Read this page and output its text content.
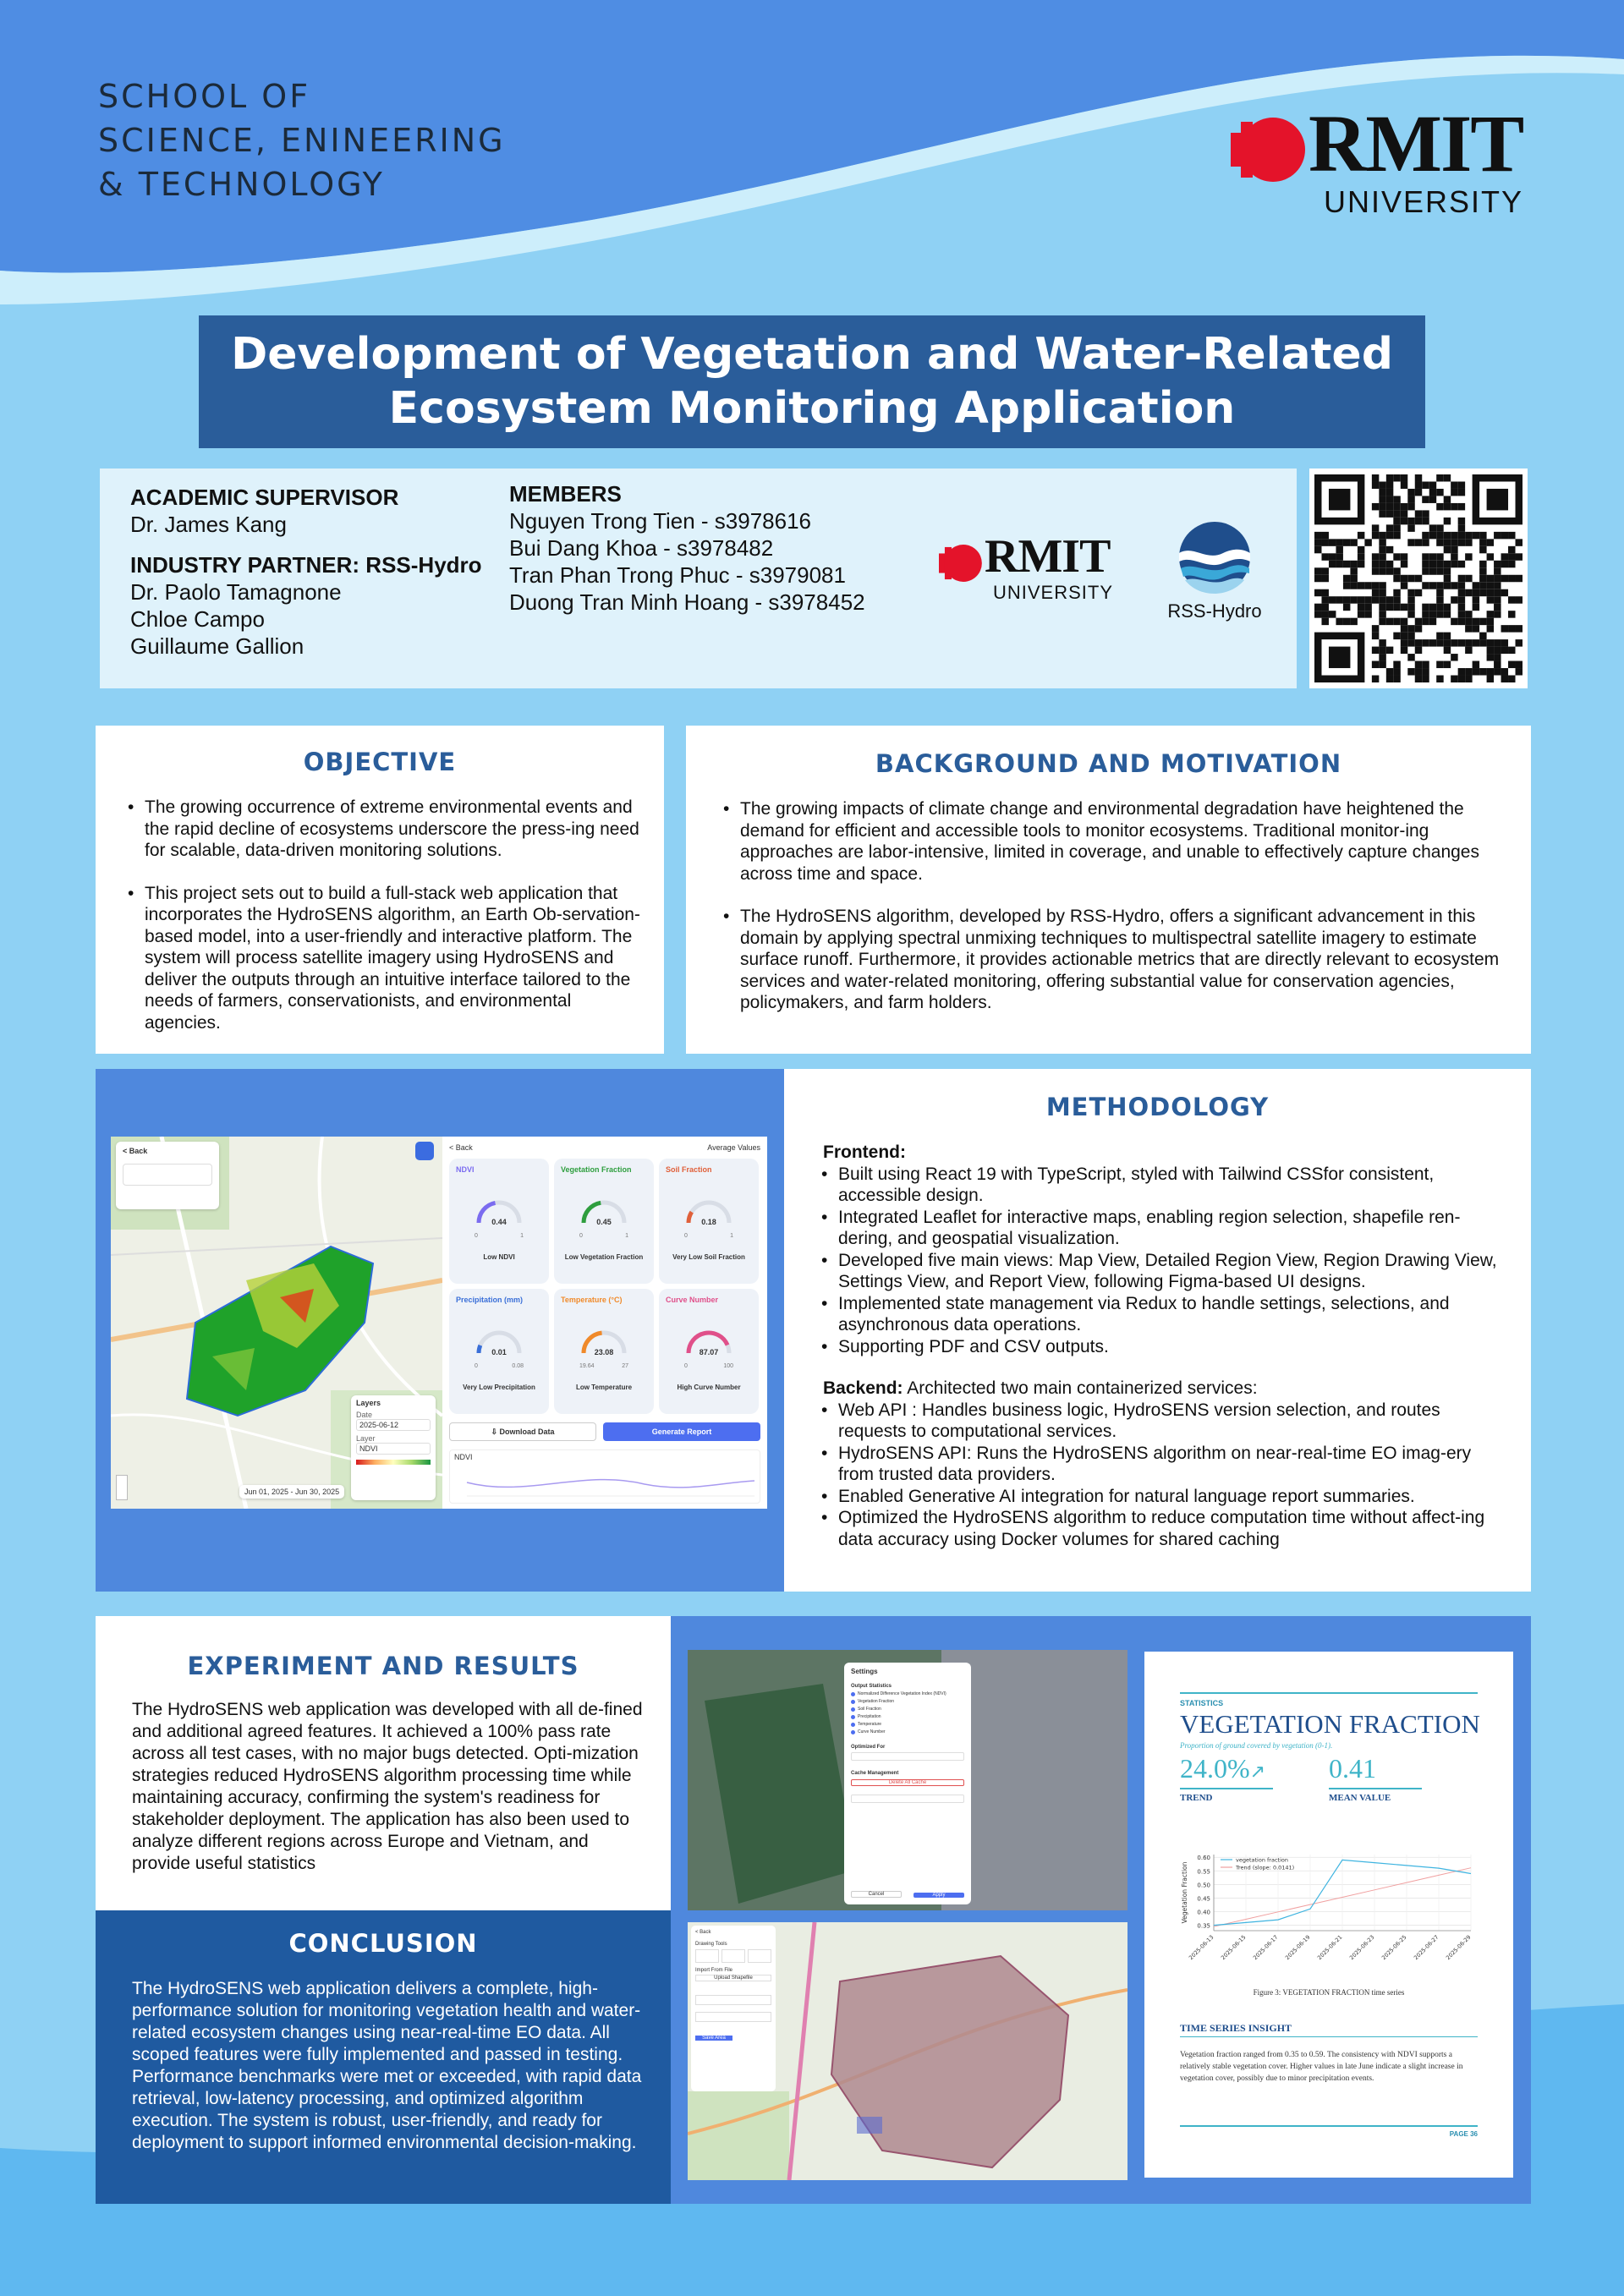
SCHOOL OF
SCIENCE, ENINEERING
& TECHNOLOGY	RMIT
UNIVERSITY
Development of Vegetation and Water-Related
Ecosystem Monitoring Application
ACADEMIC SUPERVISOR
Dr. James Kang
INDUSTRY PARTNER: RSS-Hydro
Dr. Paolo Tamagnone
Chloe Campo
Guillaume Gallion
MEMBERS
Nguyen Trong Tien - s3978616
Bui Dang Khoa - s3978482
Tran Phan Trong Phuc - s3979081
Duong Tran Minh Hoang - s3978452
RMIT
UNIVERSITY
RSS-Hydro
OBJECTIVE
• The growing occurrence of extreme environmental events and the rapid decline of ecosystems underscore the press-ing need for scalable, data-driven monitoring solutions.
• This project sets out to build a full-stack web application that incorporates the HydroSENS algorithm, an Earth Ob-servation-based model, into a user-friendly and interactive platform. The system will process satellite imagery using HydroSENS and deliver the outputs through an intuitive interface tailored to the needs of farmers, conservationists, and environmental agencies.
BACKGROUND AND MOTIVATION
• The growing impacts of climate change and environmental degradation have heightened the demand for efficient and accessible tools to monitor ecosystems. Traditional monitor-ing approaches are labor-intensive, limited in coverage, and unable to effectively capture changes across time and space.
• The HydroSENS algorithm, developed by RSS-Hydro, offers a significant advancement in this domain by applying spectral unmixing techniques to multispectral satellite imagery to estimate surface runoff. Furthermore, it provides actionable metrics that are directly relevant to ecosystem services and water-related monitoring, offering substantial value for conservation agencies, policymakers, and farm holders.
< Back
Layers
Date
2025-06-12
Layer
NDVI
Jun 01, 2025 - Jun 30, 2025
< Back	Average Values
NDVI
0.44
0	1
Low NDVI
Vegetation Fraction
0.45
0	1
Low Vegetation Fraction
Soil Fraction
0.18
0	1
Very Low Soil Fraction
Precipitation (mm)
0.01
0	0.08
Very Low Precipitation
Temperature (°C)
23.08
19.64	27
Low Temperature
Curve Number
87.07
0	100
High Curve Number
⇩ Download Data	Generate Report
NDVI
METHODOLOGY
Frontend:
• Built using React 19 with TypeScript, styled with Tailwind CSSfor consistent, accessible design.
• Integrated Leaflet for interactive maps, enabling region selection, shapefile ren-dering, and geospatial visualization.
• Developed five main views: Map View, Detailed Region View, Region Drawing View, Settings View, and Report View, following Figma-based UI designs.
• Implemented state management via Redux to handle settings, selections, and asynchronous data operations.
• Supporting PDF and CSV outputs.
Backend: Architected two main containerized services:
• Web API : Handles business logic, HydroSENS version selection, and routes requests to computational services.
• HydroSENS API: Runs the HydroSENS algorithm on near-real-time EO imag-ery from trusted data providers.
• Enabled Generative AI integration for natural language report summaries.
• Optimized the HydroSENS algorithm to reduce computation time without affect-ing data accuracy using Docker volumes for shared caching
EXPERIMENT AND RESULTS
The HydroSENS web application was developed with all de-fined and additional agreed features. It achieved a 100% pass rate across all test cases, with no major bugs detected. Opti-mization strategies reduced HydroSENS algorithm processing time while maintaining accuracy, confirming the system's readiness for stakeholder deployment. The application has also been used to analyze different regions across Europe and Vietnam, and provide useful statistics
CONCLUSION
The HydroSENS web application delivers a complete, high-performance solution for monitoring vegetation health and water-related ecosystem changes using near-real-time EO data. All scoped features were fully implemented and passed in testing. Performance benchmarks were met or exceeded, with rapid data retrieval, low-latency processing, and optimized algorithm execution. The system is robust, user-friendly, and ready for deployment to support informed environmental decision-making.
Settings
Output Statistics
Normalized Difference Vegetation Index (NDVI)
Vegetation Fraction
Soil Fraction
Precipitation
Temperature
Curve Number
Optimized For
Cache Management
Delete All Cache
Cancel	Apply
< Back
Drawing Tools
Import From File
Upload Shapefile
Save Area
STATISTICS
VEGETATION FRACTION
Proportion of ground covered by vegetation (0-1).
24.0%↗
TREND
0.41
MEAN VALUE
0.35
0.40
0.45
0.50
0.55
0.60
2025-06-13 2025-06-15 2025-06-17 2025-06-19 2025-06-21 2025-06-23 2025-06-25 2025-06-27 2025-06-29
Vegetation Fraction
vegetation fraction
Trend (slope: 0.0141)
Figure 3: VEGETATION FRACTION time series
TIME SERIES INSIGHT
Vegetation fraction ranged from 0.35 to 0.59. The consistency with NDVI supports a relatively stable vegetation cover. Higher values in late June indicate a slight increase in vegetation cover, possibly due to minor precipitation events.
PAGE 36
